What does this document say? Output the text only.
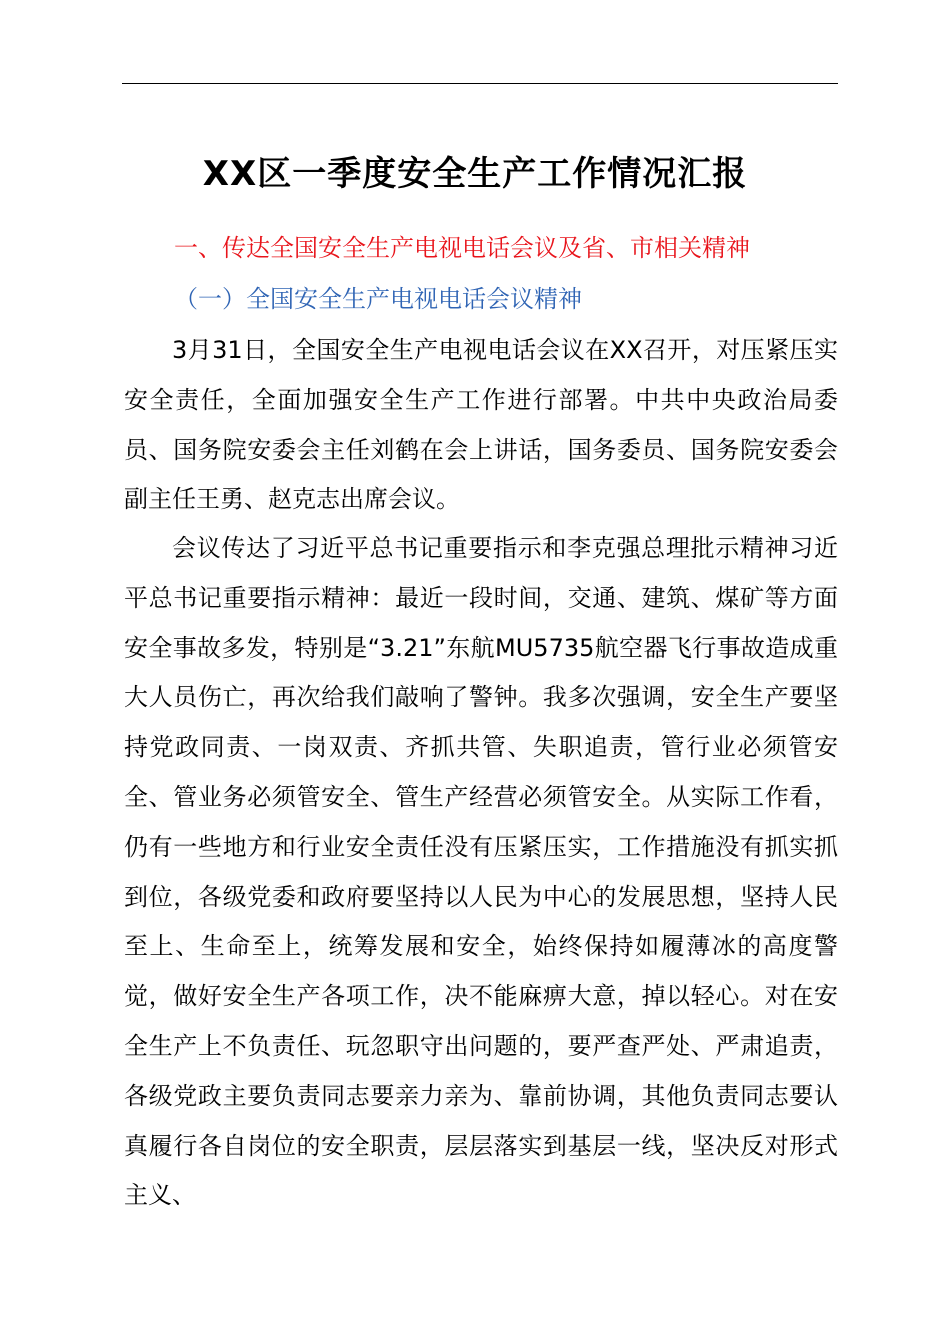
XX区一季度安全生产工作情况汇报

一、传达全国安全生产电视电话会议及省、市相关精神

（一）全国安全生产电视电话会议精神

3月31日，全国安全生产电视电话会议在XX召开，对压紧压实安全责任，全面加强安全生产工作进行部署。中共中央政治局委员、国务院安委会主任刘鹤在会上讲话，国务委员、国务院安委会副主任王勇、赵克志出席会议。

会议传达了习近平总书记重要指示和李克强总理批示精神习近平总书记重要指示精神：最近一段时间，交通、建筑、煤矿等方面安全事故多发，特别是“3.21”东航MU5735航空器飞行事故造成重大人员伤亡，再次给我们敲响了警钟。我多次强调，安全生产要坚持党政同责、一岗双责、齐抓共管、失职追责，管行业必须管安全、管业务必须管安全、管生产经营必须管安全。从实际工作看，仍有一些地方和行业安全责任没有压紧压实，工作措施没有抓实抓到位，各级党委和政府要坚持以人民为中心的发展思想，坚持人民至上、生命至上，统筹发展和安全，始终保持如履薄冰的高度警觉，做好安全生产各项工作，决不能麻痹大意，掉以轻心。对在安全生产上不负责任、玩忽职守出问题的，要严查严处、严肃追责，各级党政主要负责同志要亲力亲为、靠前协调，其他负责同志要认真履行各自岗位的安全职责，层层落实到基层一线，坚决反对形式主义、
